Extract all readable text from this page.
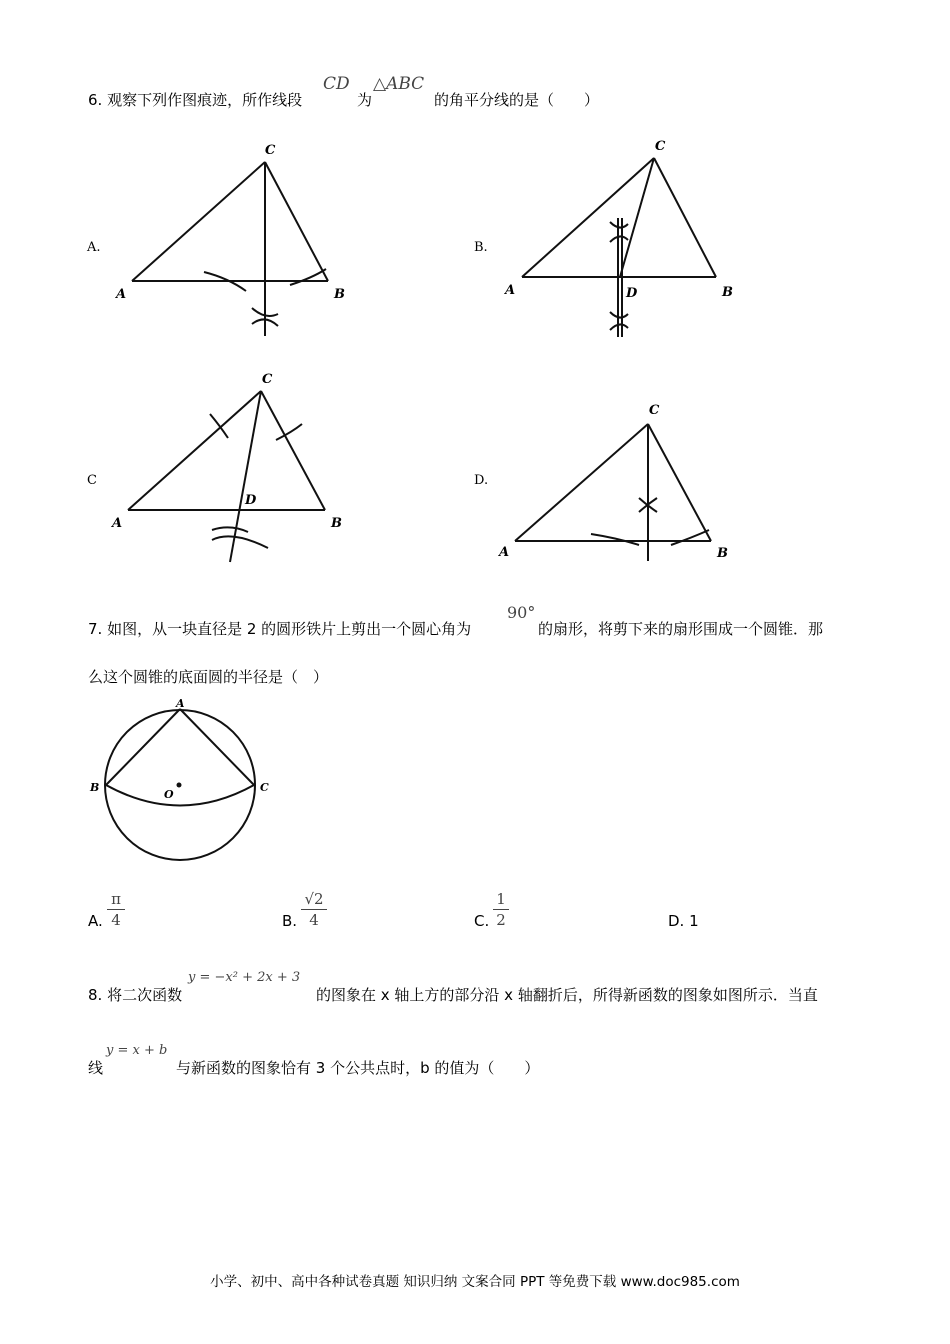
6. 观察下列作图痕迹，所作线段
CD
为
△ABC
的角平分线的是（　　）
A.
C
A	B
B.
C
A	D	B
C
C
D
A	B
D.
C
A	B
7. 如图，从一块直径是 2 的圆形铁片上剪出一个圆心角为
90°
的扇形，将剪下来的扇形围成一个圆锥．那
么这个圆锥的底面圆的半径是（　）
A
B
O
C
A.
π
4	B.
√2
4	C.
1
2	D. 1
8. 将二次函数
y = −x² + 2x + 3
的图象在 x 轴上方的部分沿 x 轴翻折后，所得新函数的图象如图所示．当直
线
y = x + b
与新函数的图象恰有 3 个公共点时，b 的值为（　　）
小学、初中、高中各种试卷真题 知识归纳 文案合同 PPT 等免费下载 www.doc985.com
